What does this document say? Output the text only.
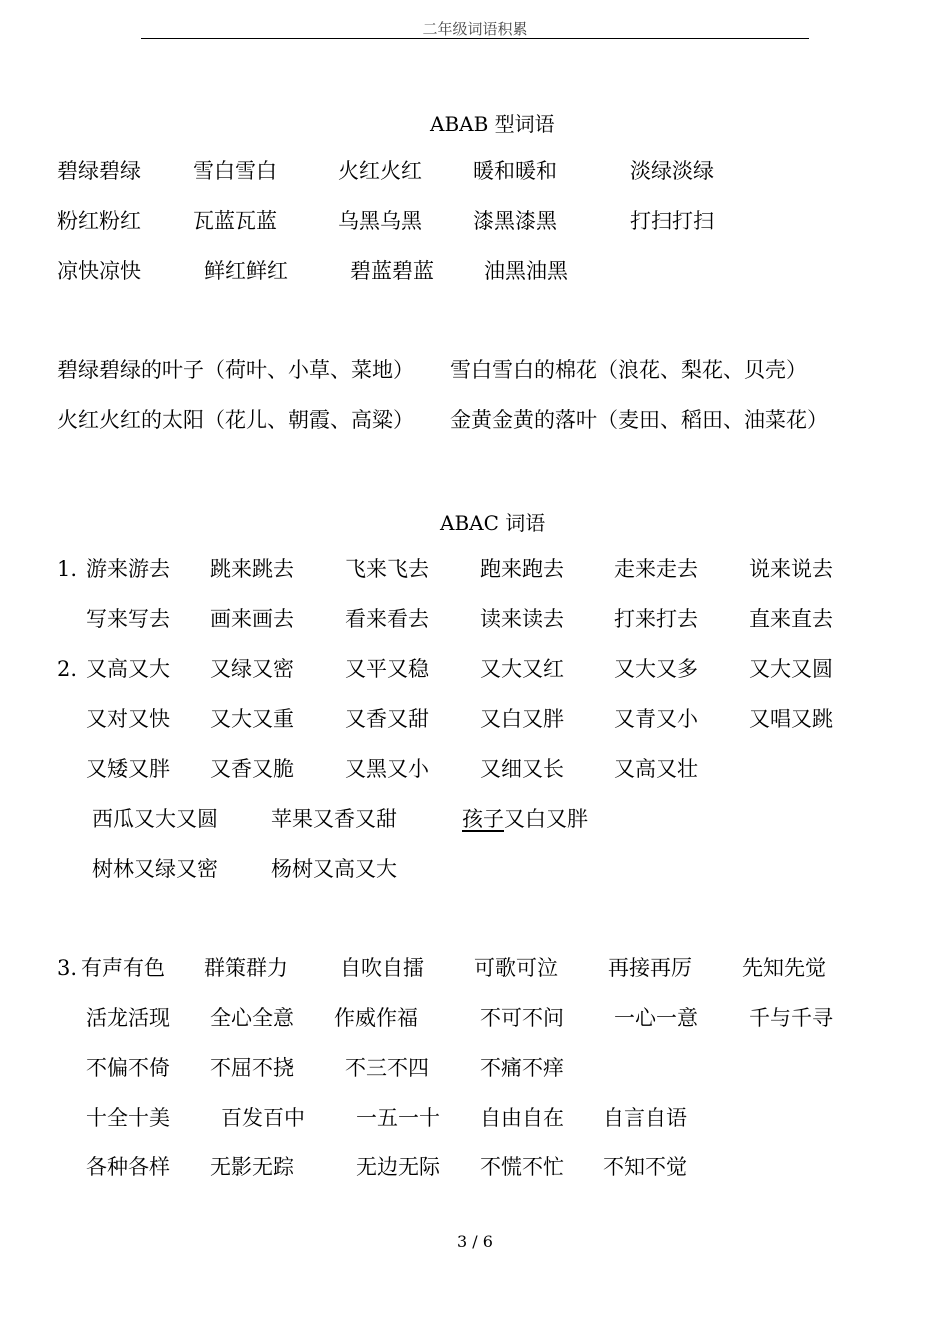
二年级词语积累
ABAB 型词语
碧绿碧绿 雪白雪白	火红火红 暖和暖和	淡绿淡绿
粉红粉红 瓦蓝瓦蓝	乌黑乌黑 漆黑漆黑	打扫打扫
凉快凉快	鲜红鲜红	碧蓝碧蓝 油黑油黑
碧绿碧绿的叶子（荷叶、小草、菜地） 雪白雪白的棉花（浪花、梨花、贝壳）
火红火红的太阳（花儿、朝霞、高粱） 金黄金黄的落叶（麦田、稻田、油菜花）
ABAC 词语
1. 游来游去 跳来跳去 飞来飞去 跑来跑去 走来走去 说来说去
写来写去 画来画去 看来看去 读来读去 打来打去 直来直去
2. 又高又大 又绿又密 又平又稳 又大又红 又大又多 又大又圆
又对又快 又大又重 又香又甜 又白又胖 又青又小 又唱又跳
又矮又胖 又香又脆 又黑又小 又细又长 又高又壮
西瓜又大又圆	苹果又香又甜	孩子又白又胖
树林又绿又密	杨树又高又大
3. 有声有色 群策群力 自吹自擂 可歌可泣 再接再厉 先知先觉
活龙活现 全心全意 作威作福	不可不问 一心一意 千与千寻
不偏不倚 不屈不挠 不三不四 不痛不痒
十全十美 百发百中 一五一十 自由自在 自言自语
各种各样 无影无踪	无边无际 不慌不忙 不知不觉
3 / 6
